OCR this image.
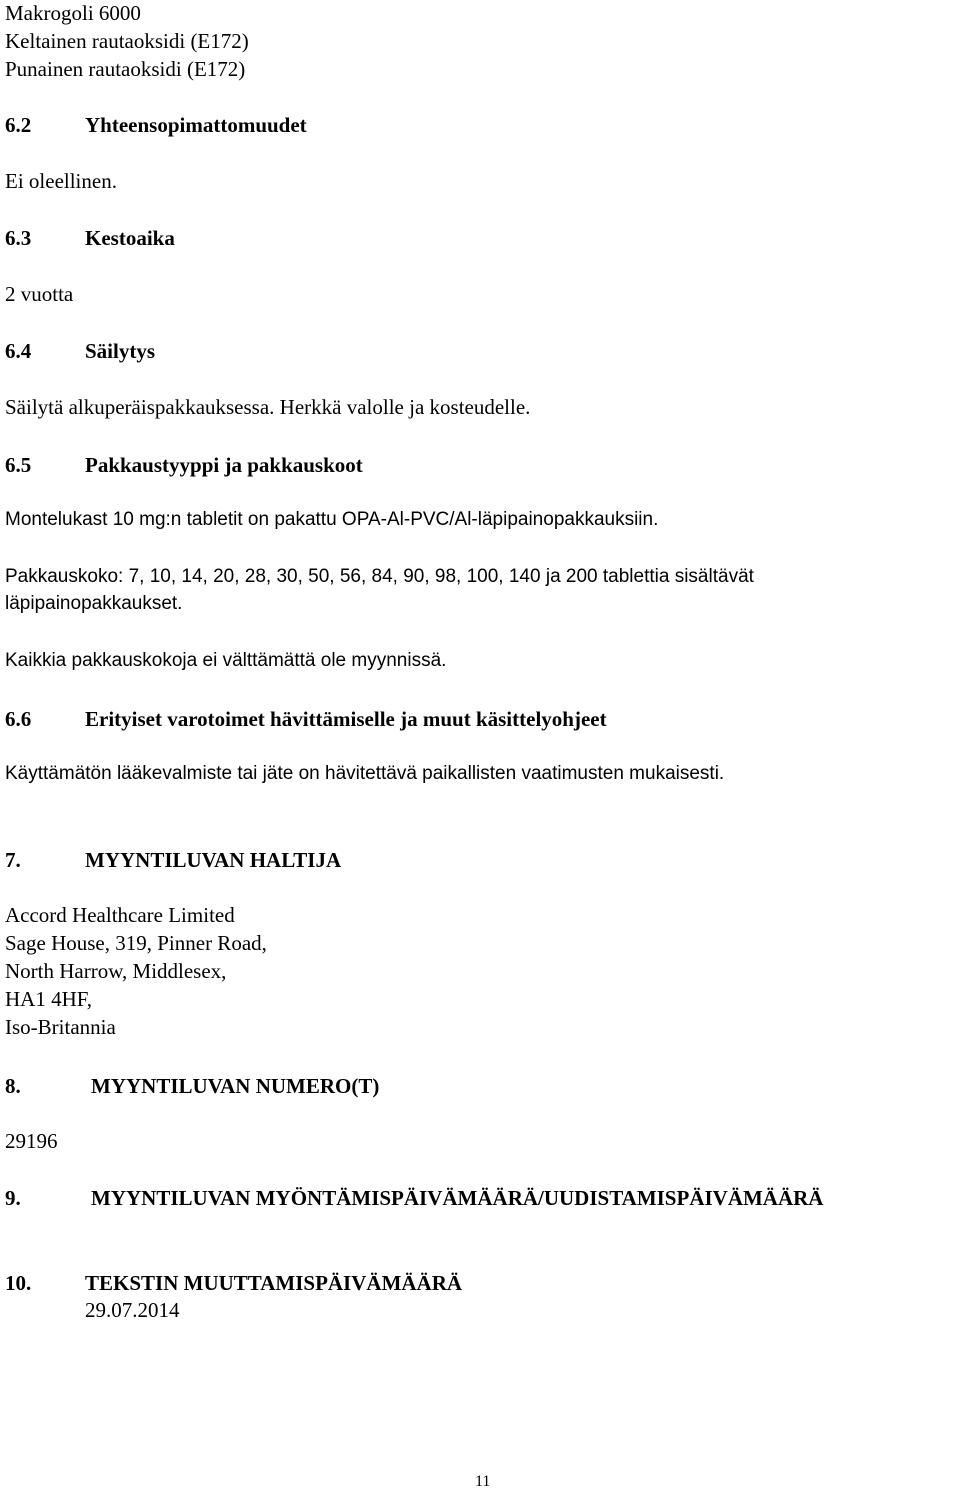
Makrogoli 6000
Keltainen rautaoksidi (E172)
Punainen rautaoksidi (E172)
6.2	Yhteensopimattomuudet
Ei oleellinen.
6.3	Kestoaika
2 vuotta
6.4	Säilytys
Säilytä alkuperäispakkauksessa. Herkkä valolle ja kosteudelle.
6.5	Pakkaustyyppi ja pakkauskoot
Montelukast 10 mg:n tabletit on pakattu OPA-Al-PVC/Al-läpipainopakkauksiin.
Pakkauskoko: 7, 10, 14, 20, 28, 30, 50, 56, 84, 90, 98, 100, 140 ja 200 tablettia sisältävät
läpipainopakkaukset.
Kaikkia pakkauskokoja ei välttämättä ole myynnissä.
6.6	Erityiset varotoimet hävittämiselle ja muut käsittelyohjeet
Käyttämätön lääkevalmiste tai jäte on hävitettävä paikallisten vaatimusten mukaisesti.
7.	MYYNTILUVAN HALTIJA
Accord Healthcare Limited
Sage House, 319, Pinner Road,
North Harrow, Middlesex,
HA1 4HF,
Iso-Britannia
8.	MYYNTILUVAN NUMERO(T)
29196
9.	MYYNTILUVAN MYÖNTÄMISPÄIVÄMÄÄRÄ/UUDISTAMISPÄIVÄMÄÄRÄ
10.	TEKSTIN MUUTTAMISPÄIVÄMÄÄRÄ
29.07.2014
11
